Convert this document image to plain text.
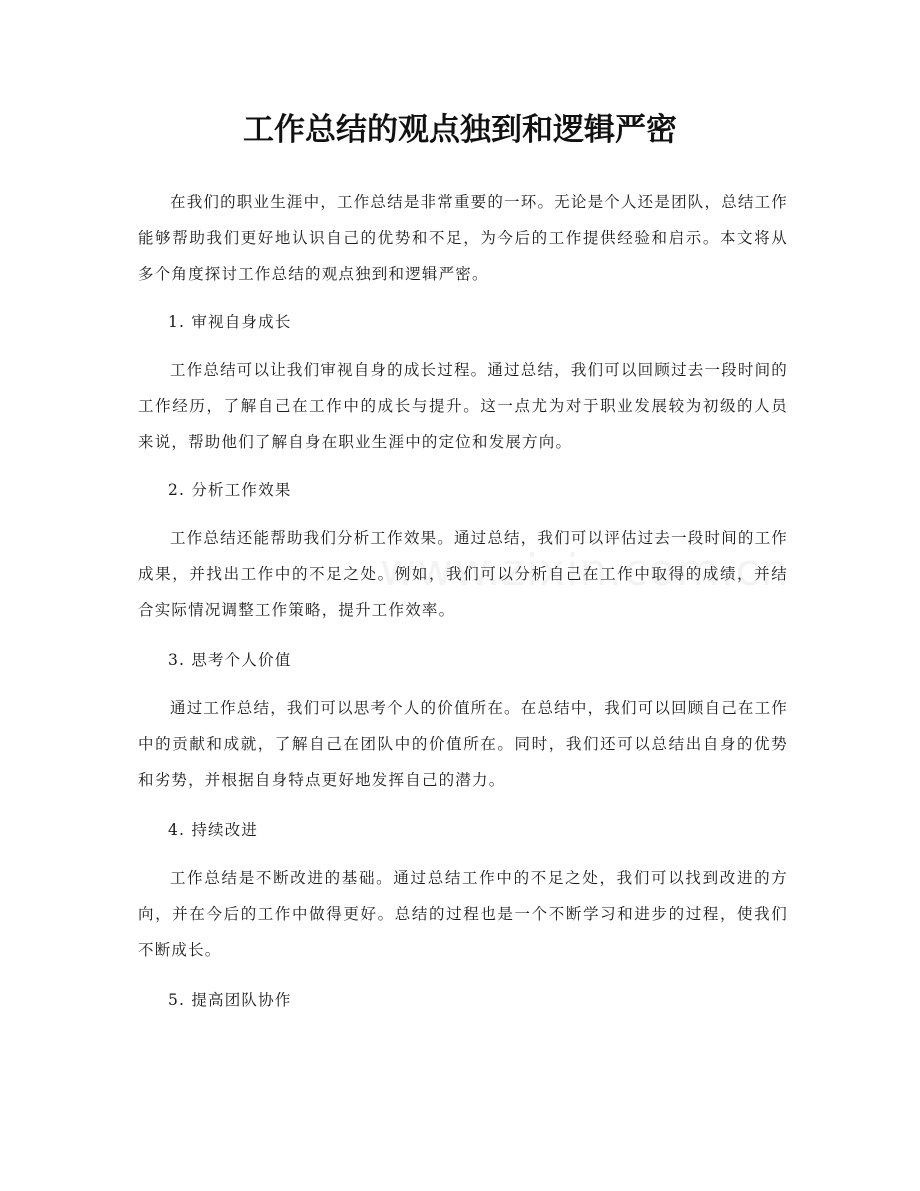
工作总结的观点独到和逻辑严密

在我们的职业生涯中，工作总结是非常重要的一环。无论是个人还是团队，总结工作能够帮助我们更好地认识自己的优势和不足，为今后的工作提供经验和启示。本文将从多个角度探讨工作总结的观点独到和逻辑严密。

1. 审视自身成长

工作总结可以让我们审视自身的成长过程。通过总结，我们可以回顾过去一段时间的工作经历，了解自己在工作中的成长与提升。这一点尤为对于职业发展较为初级的人员来说，帮助他们了解自身在职业生涯中的定位和发展方向。

2. 分析工作效果

工作总结还能帮助我们分析工作效果。通过总结，我们可以评估过去一段时间的工作成果，并找出工作中的不足之处。例如，我们可以分析自己在工作中取得的成绩，并结合实际情况调整工作策略，提升工作效率。

3. 思考个人价值

通过工作总结，我们可以思考个人的价值所在。在总结中，我们可以回顾自己在工作中的贡献和成就，了解自己在团队中的价值所在。同时，我们还可以总结出自身的优势和劣势，并根据自身特点更好地发挥自己的潜力。

4. 持续改进

工作总结是不断改进的基础。通过总结工作中的不足之处，我们可以找到改进的方向，并在今后的工作中做得更好。总结的过程也是一个不断学习和进步的过程，使我们不断成长。

5. 提高团队协作
